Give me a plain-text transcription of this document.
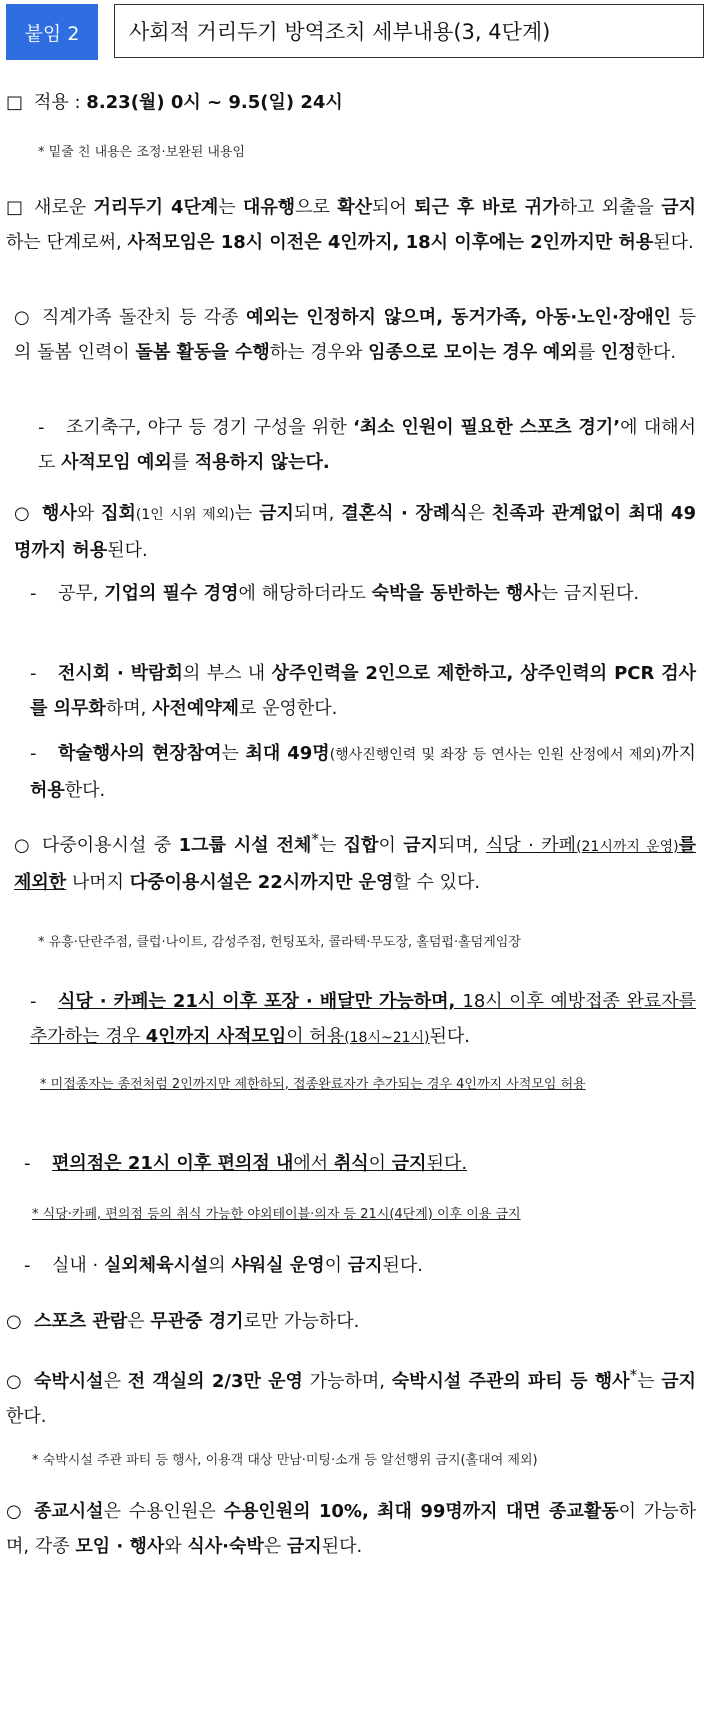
붙임 2	사회적 거리두기 방역조치 세부내용(3, 4단계)
□ 적용 : 8.23(월) 0시 ~ 9.5(일) 24시
* 밑줄 친 내용은 조정·보완된 내용임
□ 새로운 거리두기 4단계는 대유행으로 확산되어 퇴근 후 바로 귀가하고 외출을 금지하는 단계로써, 사적모임은 18시 이전은 4인까지, 18시 이후에는 2인까지만 허용된다.
○ 직계가족 돌잔치 등 각종 예외는 인정하지 않으며, 동거가족, 아동·노인·장애인 등의 돌봄 인력이 돌봄 활동을 수행하는 경우와 임종으로 모이는 경우 예외를 인정한다.
- 조기축구, 야구 등 경기 구성을 위한 ‘최소 인원이 필요한 스포츠 경기’에 대해서도 사적모임 예외를 적용하지 않는다.
○ 행사와 집회(1인 시위 제외)는 금지되며, 결혼식 · 장례식은 친족과 관계없이 최대 49명까지 허용된다.
- 공무, 기업의 필수 경영에 해당하더라도 숙박을 동반하는 행사는 금지된다.
- 전시회 · 박람회의 부스 내 상주인력을 2인으로 제한하고, 상주인력의 PCR 검사를 의무화하며, 사전예약제로 운영한다.
- 학술행사의 현장참여는 최대 49명(행사진행인력 및 좌장 등 연사는 인원 산정에서 제외)까지 허용한다.
○ 다중이용시설 중 1그룹 시설 전체*는 집합이 금지되며, 식당 · 카페(21시까지 운영)를 제외한 나머지 다중이용시설은 22시까지만 운영할 수 있다.
* 유흥·단란주점, 클럽·나이트, 감성주점, 헌팅포차, 콜라텍·무도장, 홀덤펍·홀덤게임장
- 식당 · 카페는 21시 이후 포장 · 배달만 가능하며, 18시 이후 예방접종 완료자를 추가하는 경우 4인까지 사적모임이 허용(18시~21시)된다.
* 미접종자는 종전처럼 2인까지만 제한하되, 접종완료자가 추가되는 경우 4인까지 사적모임 허용
- 편의점은 21시 이후 편의점 내에서 취식이 금지된다.
* 식당·카페, 편의점 등의 취식 가능한 야외테이블·의자 등 21시(4단계) 이후 이용 금지
- 실내 · 실외체육시설의 샤워실 운영이 금지된다.
○ 스포츠 관람은 무관중 경기로만 가능하다.
○ 숙박시설은 전 객실의 2/3만 운영 가능하며, 숙박시설 주관의 파티 등 행사*는 금지한다.
* 숙박시설 주관 파티 등 행사, 이용객 대상 만남·미팅·소개 등 알선행위 금지(홀대여 제외)
○ 종교시설은 수용인원은 수용인원의 10%, 최대 99명까지 대면 종교활동이 가능하며, 각종 모임 · 행사와 식사·숙박은 금지된다.
